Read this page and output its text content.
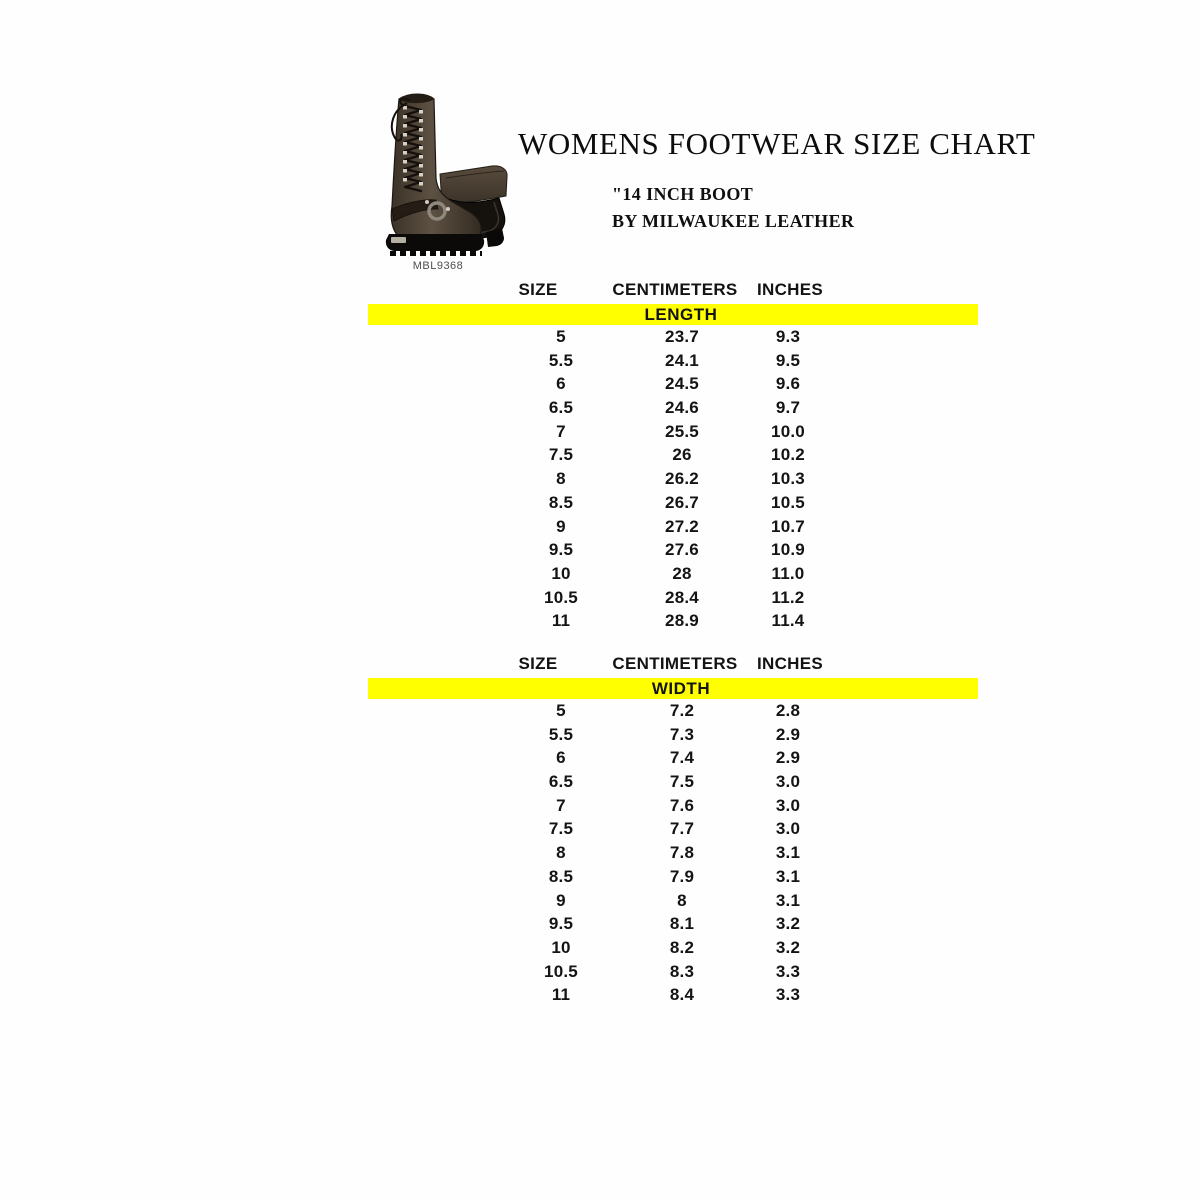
MBL9368
WOMENS FOOTWEAR SIZE CHART
"14 INCH BOOT
BY MILWAUKEE LEATHER
SIZE	CENTIMETERS	INCHES
LENGTH
5	23.7	9.3
5.5	24.1	9.5
6	24.5	9.6
6.5	24.6	9.7
7	25.5	10.0
7.5	26	10.2
8	26.2	10.3
8.5	26.7	10.5
9	27.2	10.7
9.5	27.6	10.9
10	28	11.0
10.5	28.4	11.2
11	28.9	11.4
SIZE	CENTIMETERS	INCHES
WIDTH
5	7.2	2.8
5.5	7.3	2.9
6	7.4	2.9
6.5	7.5	3.0
7	7.6	3.0
7.5	7.7	3.0
8	7.8	3.1
8.5	7.9	3.1
9	8	3.1
9.5	8.1	3.2
10	8.2	3.2
10.5	8.3	3.3
11	8.4	3.3
